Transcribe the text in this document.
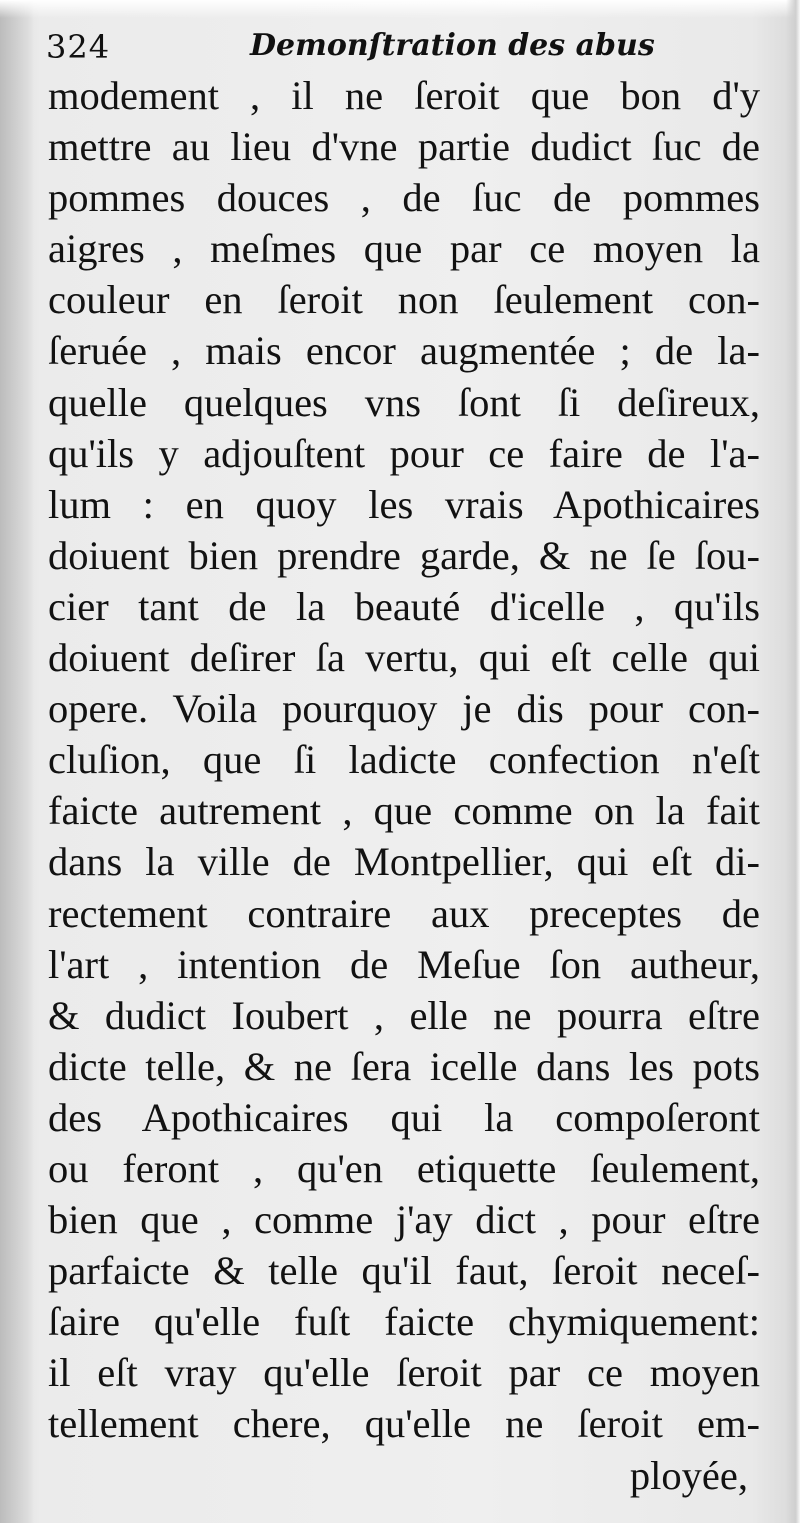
324	Demonſtration des abus
modement , il ne ſeroit que bon d'y
mettre au lieu d'vne partie dudict ſuc de
pommes douces , de ſuc de pommes
aigres , meſmes que par ce moyen la
couleur en ſeroit non ſeulement con-
ſeruée , mais encor augmentée ; de la-
quelle quelques vns ſont ſi deſireux,
qu'ils y adjouſtent pour ce faire de l'a-
lum : en quoy les vrais Apothicaires
doiuent bien prendre garde, & ne ſe ſou-
cier tant de la beauté d'icelle , qu'ils
doiuent deſirer ſa vertu, qui eſt celle qui
opere. Voila pourquoy je dis pour con-
cluſion, que ſi ladicte confection n'eſt
faicte autrement , que comme on la fait
dans la ville de Montpellier, qui eſt di-
rectement contraire aux preceptes de
l'art , intention de Meſue ſon autheur,
& dudict Ioubert , elle ne pourra eſtre
dicte telle, & ne ſera icelle dans les pots
des Apothicaires qui la compoſeront
ou feront , qu'en etiquette ſeulement,
bien que , comme j'ay dict , pour eſtre
parfaicte & telle qu'il faut, ſeroit neceſ-
ſaire qu'elle fuſt faicte chymiquement:
il eſt vray qu'elle ſeroit par ce moyen
tellement chere, qu'elle ne ſeroit em-
ployée,
